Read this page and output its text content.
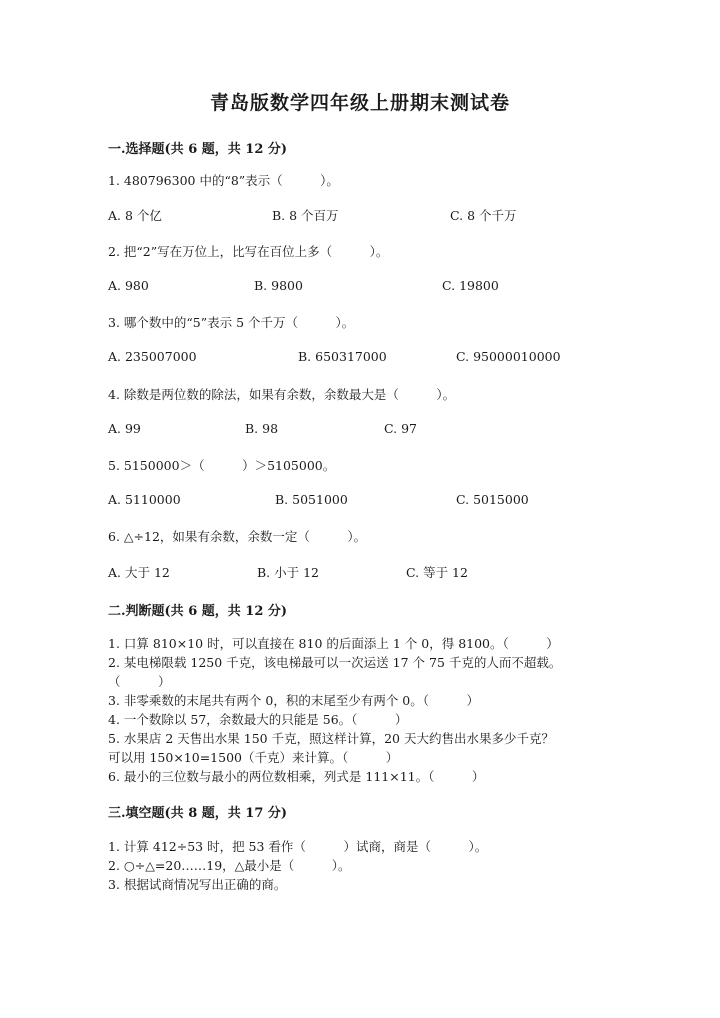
青岛版数学四年级上册期末测试卷
一.选择题(共 6 题，共 12 分)
1. 480796300 中的“8”表示（　　　）。
A. 8 个亿	B. 8 个百万	C. 8 个千万
2. 把“2”写在万位上，比写在百位上多（　　　）。
A. 980	B. 9800	C. 19800
3. 哪个数中的“5”表示 5 个千万（　　　）。
A. 235007000	B. 650317000	C. 95000010000
4. 除数是两位数的除法，如果有余数，余数最大是（　　　）。
A. 99	B. 98	C. 97
5. 5150000＞（　　　）＞5105000。
A. 5110000	B. 5051000	C. 5015000
6. △÷12，如果有余数，余数一定（　　　）。
A. 大于 12	B. 小于 12	C. 等于 12
二.判断题(共 6 题，共 12 分)
1. 口算 810×10 时，可以直接在 810 的后面添上 1 个 0，得 8100。（　　　）
2. 某电梯限载 1250 千克，该电梯最可以一次运送 17 个 75 千克的人而不超载。
（　　　）
3. 非零乘数的末尾共有两个 0，积的末尾至少有两个 0。（　　　）
4. 一个数除以 57，余数最大的只能是 56。（　　　）
5. 水果店 2 天售出水果 150 千克，照这样计算，20 天大约售出水果多少千克？
可以用 150×10=1500（千克）来计算。（　　　）
6. 最小的三位数与最小的两位数相乘，列式是 111×11。（　　　）
三.填空题(共 8 题，共 17 分)
1. 计算 412÷53 时，把 53 看作（　　　）试商，商是（　　　）。
2. ○÷△=20……19，△最小是（　　　）。
3. 根据试商情况写出正确的商。
